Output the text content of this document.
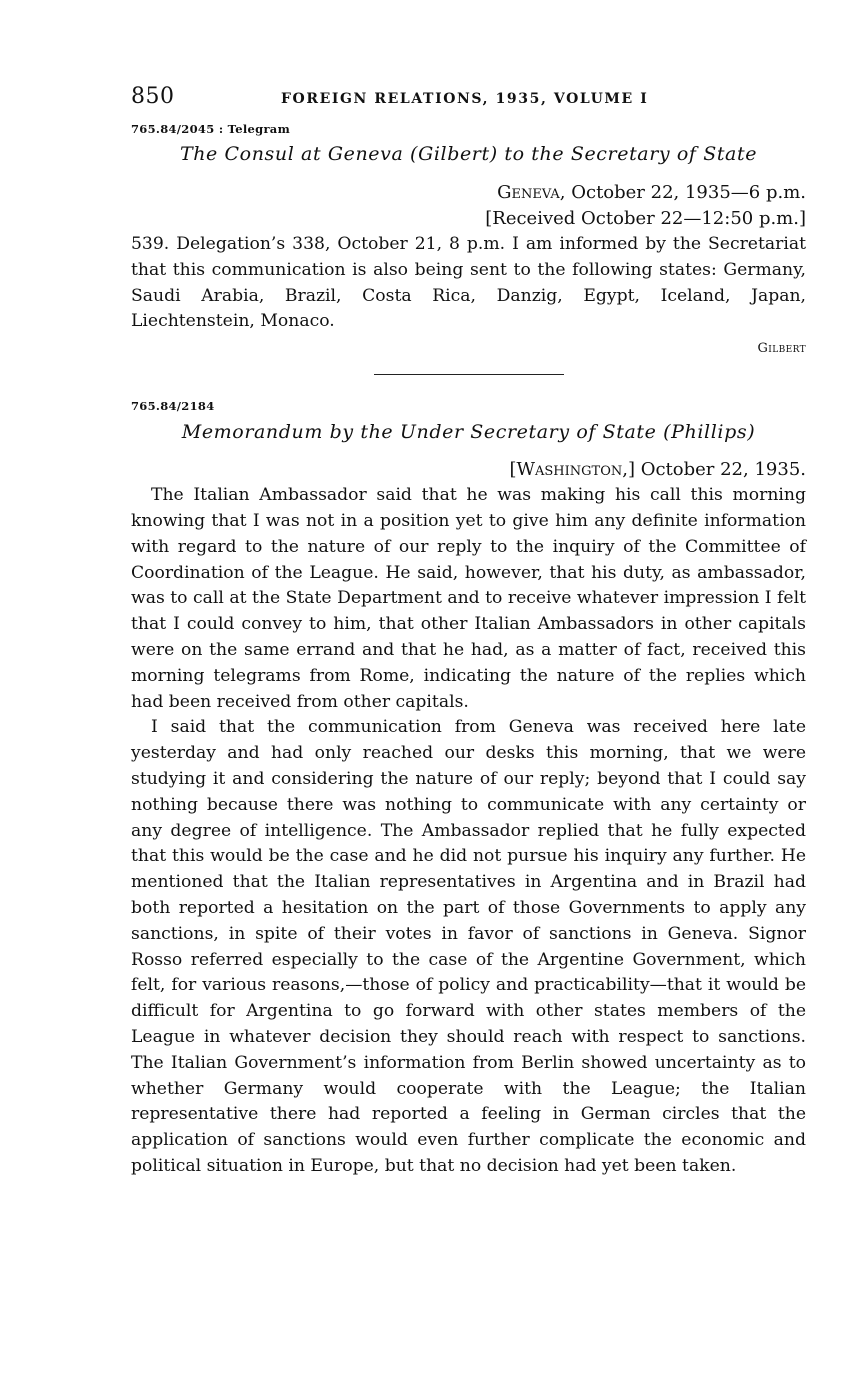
850	FOREIGN RELATIONS, 1935, VOLUME I
765.84/2045 : Telegram
The Consul at Geneva (Gilbert) to the Secretary of State
Geneva, October 22, 1935—6 p.m.
[Received October 22—12:50 p.m.]

539. Delegation’s 338, October 21, 8 p.m. I am informed by the Secretariat that this communication is also being sent to the following states: Germany, Saudi Arabia, Brazil, Costa Rica, Danzig, Egypt, Iceland, Japan, Liechtenstein, Monaco.

Gilbert
765.84/2184
Memorandum by the Under Secretary of State (Phillips)
[Washington,] October 22, 1935.

The Italian Ambassador said that he was making his call this morning knowing that I was not in a position yet to give him any definite information with regard to the nature of our reply to the inquiry of the Committee of Coordination of the League. He said, however, that his duty, as ambassador, was to call at the State Department and to receive whatever impression I felt that I could convey to him, that other Italian Ambassadors in other capitals were on the same errand and that he had, as a matter of fact, received this morning telegrams from Rome, indicating the nature of the replies which had been received from other capitals.

I said that the communication from Geneva was received here late yesterday and had only reached our desks this morning, that we were studying it and considering the nature of our reply; beyond that I could say nothing because there was nothing to communicate with any certainty or any degree of intelligence. The Ambassador replied that he fully expected that this would be the case and he did not pursue his inquiry any further. He mentioned that the Italian representatives in Argentina and in Brazil had both reported a hesitation on the part of those Governments to apply any sanctions, in spite of their votes in favor of sanctions in Geneva. Signor Rosso referred especially to the case of the Argentine Government, which felt, for various reasons,—those of policy and practicability—that it would be difficult for Argentina to go forward with other states members of the League in whatever decision they should reach with respect to sanctions. The Italian Government’s information from Berlin showed uncertainty as to whether Germany would cooperate with the League; the Italian representative there had reported a feeling in German circles that the application of sanctions would even further complicate the economic and political situation in Europe, but that no decision had yet been taken.
